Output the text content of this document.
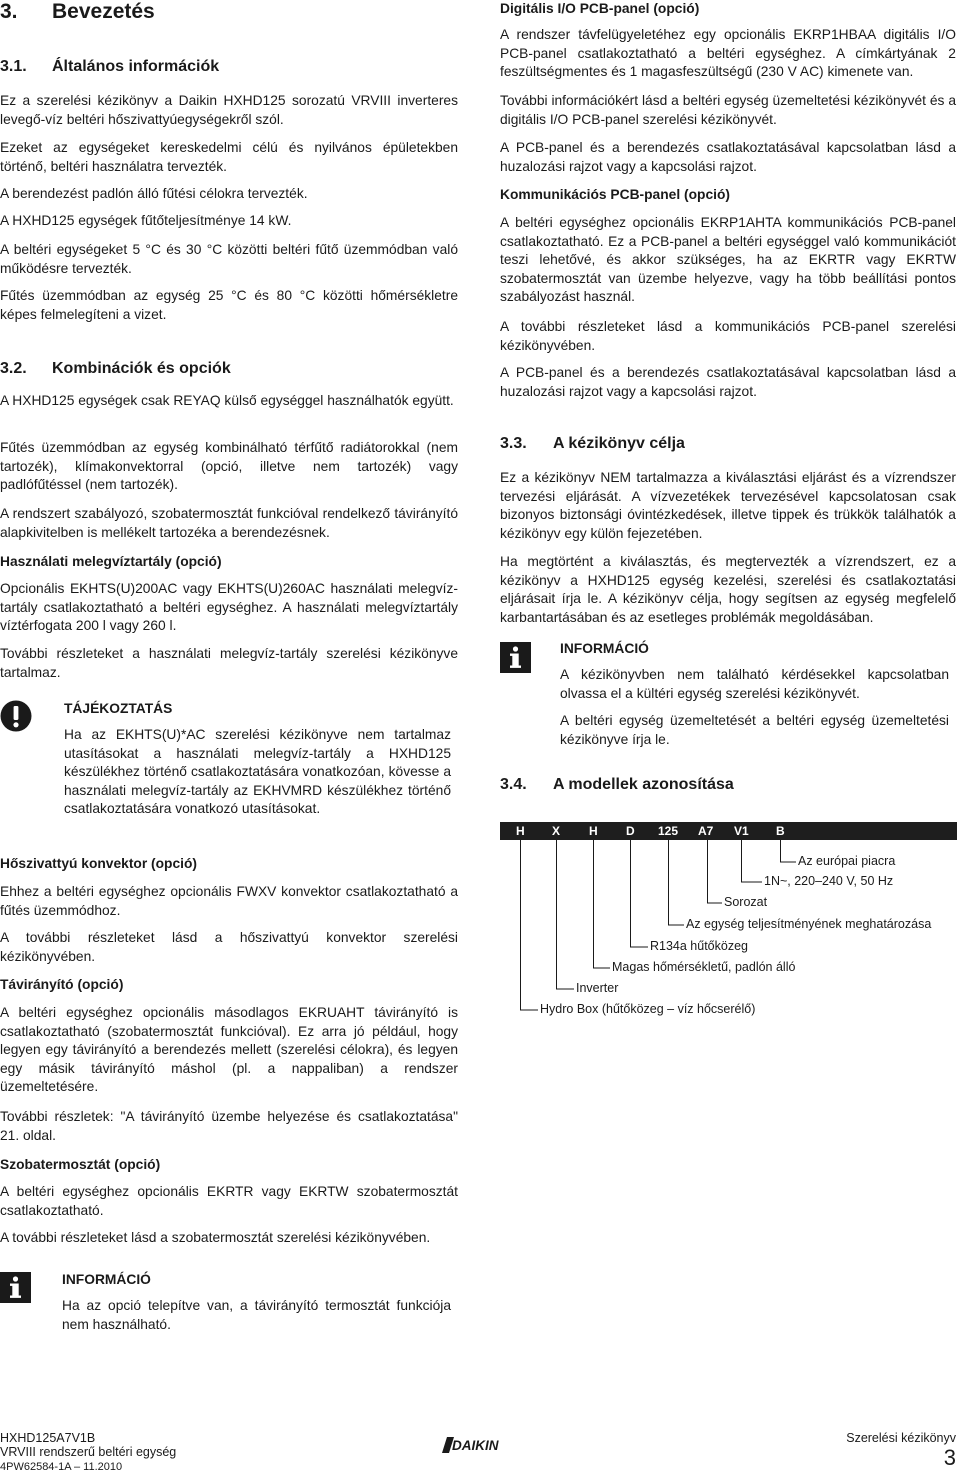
3. Bevezetés
3.1. Általános információk

Ez a szerelési kézikönyv a Daikin HXHD125 sorozatú VRVIII inverteres levegő-víz beltéri hőszivattyúegységekről szól.

Ezeket az egységeket kereskedelmi célú és nyilvános épületekben történő, beltéri használatra tervezték.

A berendezést padlón álló fűtési célokra tervezték.

A HXHD125 egységek fűtőteljesítménye 14 kW.

A beltéri egységeket 5 °C és 30 °C közötti beltéri fűtő üzemmódban való működésre tervezték.

Fűtés üzemmódban az egység 25 °C és 80 °C közötti hőmérsékletre képes felmelegíteni a vizet.

3.2. Kombinációk és opciók

A HXHD125 egységek csak REYAQ külső egységgel használhatók együtt.

Fűtés üzemmódban az egység kombinálható térfűtő radiátorokkal (nem tartozék), klímakonvektorral (opció, illetve nem tartozék) vagy padlófűtéssel (nem tartozék).

A rendszert szabályozó, szobatermosztát funkcióval rendelkező távirányító alapkivitelben is mellékelt tartozéka a berendezésnek.

Használati melegvíztartály (opció)

Opcionális EKHTS(U)200AC vagy EKHTS(U)260AC használati melegvíz-tartály csatlakoztatható a beltéri egységhez. A használati melegvíztartály víztérfogata 200 l vagy 260 l.

További részleteket a használati melegvíz-tartály szerelési kézikönyve tartalmaz.

TÁJÉKOZTATÁS

Ha az EKHTS(U)*AC szerelési kézikönyve nem tartalmaz utasításokat a használati melegvíz-tartály a HXHD125 készülékhez történő csatlakoztatására vonatkozóan, kövesse a használati melegvíz-tartály az EKHVMRD készülékhez történő csatlakoztatására vonatkozó utasításokat.

Hőszivattyú konvektor (opció)

Ehhez a beltéri egységhez opcionális FWXV konvektor csatlakoztatható a fűtés üzemmódhoz.

A további részleteket lásd a hőszivattyú konvektor szerelési kézikönyvében.

Távirányító (opció)

A beltéri egységhez opcionális másodlagos EKRUAHT távirányító is csatlakoztatható (szobatermosztát funkcióval). Ez arra jó például, hogy legyen egy távirányító a berendezés mellett (szerelési célokra), és legyen egy másik távirányító máshol (pl. a nappaliban) a rendszer üzemeltetésére.

További részletek: "A távirányító üzembe helyezése és csatlakoztatása" 21. oldal.

Szobatermosztát (opció)

A beltéri egységhez opcionális EKRTR vagy EKRTW szobatermosztát csatlakoztatható.

A további részleteket lásd a szobatermosztát szerelési kézikönyvében.

INFORMÁCIÓ

Ha az opció telepítve van, a távirányító termosztát funkciója nem használható.

Digitális I/O PCB-panel (opció)

A rendszer távfelügyeletéhez egy opcionális EKRP1HBAA digitális I/O PCB-panel csatlakoztatható a beltéri egységhez. A címkártyának 2 feszültségmentes és 1 magasfeszültségű (230 V AC) kimenete van.

További információkért lásd a beltéri egység üzemeltetési kézikönyvét és a digitális I/O PCB-panel szerelési kézikönyvét.

A PCB-panel és a berendezés csatlakoztatásával kapcsolatban lásd a huzalozási rajzot vagy a kapcsolási rajzot.

Kommunikációs PCB-panel (opció)

A beltéri egységhez opcionális EKRP1AHTA kommunikációs PCB-panel csatlakoztatható. Ez a PCB-panel a beltéri egységgel való kommunikációt teszi lehetővé, és akkor szükséges, ha az EKRTR vagy EKRTW szobatermosztát van üzembe helyezve, vagy ha több beállítási pontos szabályozást használ.

A további részleteket lásd a kommunikációs PCB-panel szerelési kézikönyvében.

A PCB-panel és a berendezés csatlakoztatásával kapcsolatban lásd a huzalozási rajzot vagy a kapcsolási rajzot.

3.3. A kézikönyv célja

Ez a kézikönyv NEM tartalmazza a kiválasztási eljárást és a vízrendszer tervezési eljárását. A vízvezetékek tervezésével kapcsolatosan csak bizonyos biztonsági óvintézkedések, illetve tippek és trükkök találhatók a kézikönyv egy külön fejezetében.

Ha megtörtént a kiválasztás, és megtervezték a vízrendszert, ez a kézikönyv a HXHD125 egység kezelési, szerelési és csatlakoztatási eljárásait írja le. A kézikönyv célja, hogy segítsen az egység megfelelő karbantartásában és az esetleges problémák megoldásában.

INFORMÁCIÓ

A kézikönyvben nem található kérdésekkel kapcsolatban olvassa el a kültéri egység szerelési kézikönyvét.

A beltéri egység üzemeltetését a beltéri egység üzemeltetési kézikönyve írja le.

3.4. A modellek azonosítása
H X H D 125 A7 V1 B
Az európai piacra
1N~, 220–240 V, 50 Hz
Sorozat
Az egység teljesítményének meghatározása
R134a hűtőközeg
Magas hőmérsékletű, padlón álló
Inverter
Hydro Box (hűtőközeg – víz hőcserélő)
HXHD125A7V1B
VRVIII rendszerű beltéri egység
4PW62584-1A – 11.2010
DAIKIN	Szerelési kézikönyv
3
